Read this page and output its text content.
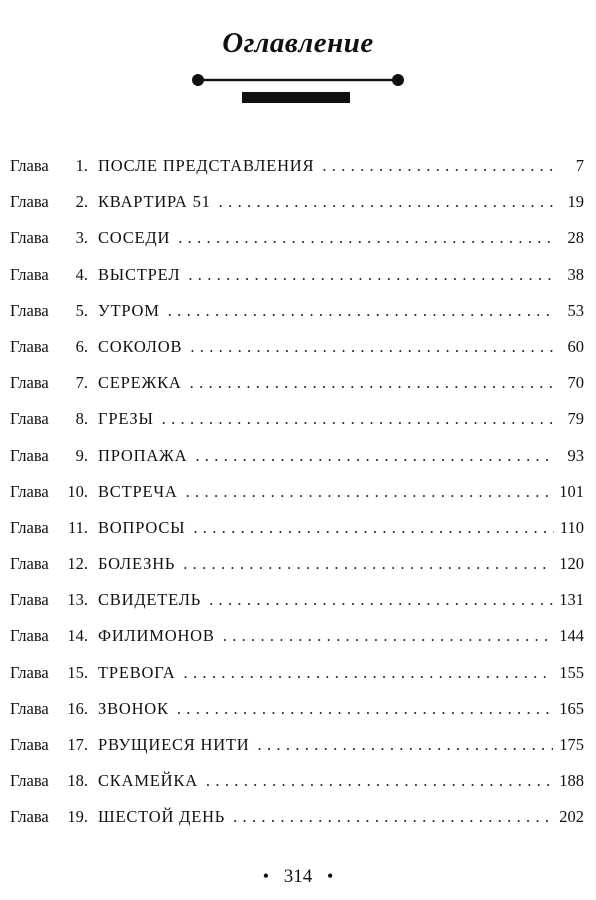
Оглавление
Глава	1. ПОСЛЕ ПРЕДСТАВЛЕНИЯ . . .	7
Глава	2. КВАРТИРА 51 . . .	19
Глава	3. СОСЕДИ . . .	28
Глава	4. ВЫСТРЕЛ . . .	38
Глава	5. УТРОМ . . .	53
Глава	6. СОКОЛОВ . . .	60
Глава	7. СЕРЕЖКА . . .	70
Глава	8. ГРЕЗЫ . . .	79
Глава	9. ПРОПАЖА . . .	93
Глава	10. ВСТРЕЧА . . .	101
Глава	11. ВОПРОСЫ . . .	110
Глава	12. БОЛЕЗНЬ . . .	120
Глава	13. СВИДЕТЕЛЬ . . .	131
Глава	14. ФИЛИМОНОВ . . .	144
Глава	15. ТРЕВОГА . . .	155
Глава	16. ЗВОНОК . . .	165
Глава	17. РВУЩИЕСЯ НИТИ . . .	175
Глава	18. СКАМЕЙКА . . .	188
Глава	19. ШЕСТОЙ ДЕНЬ . . .	202
• 314 •
